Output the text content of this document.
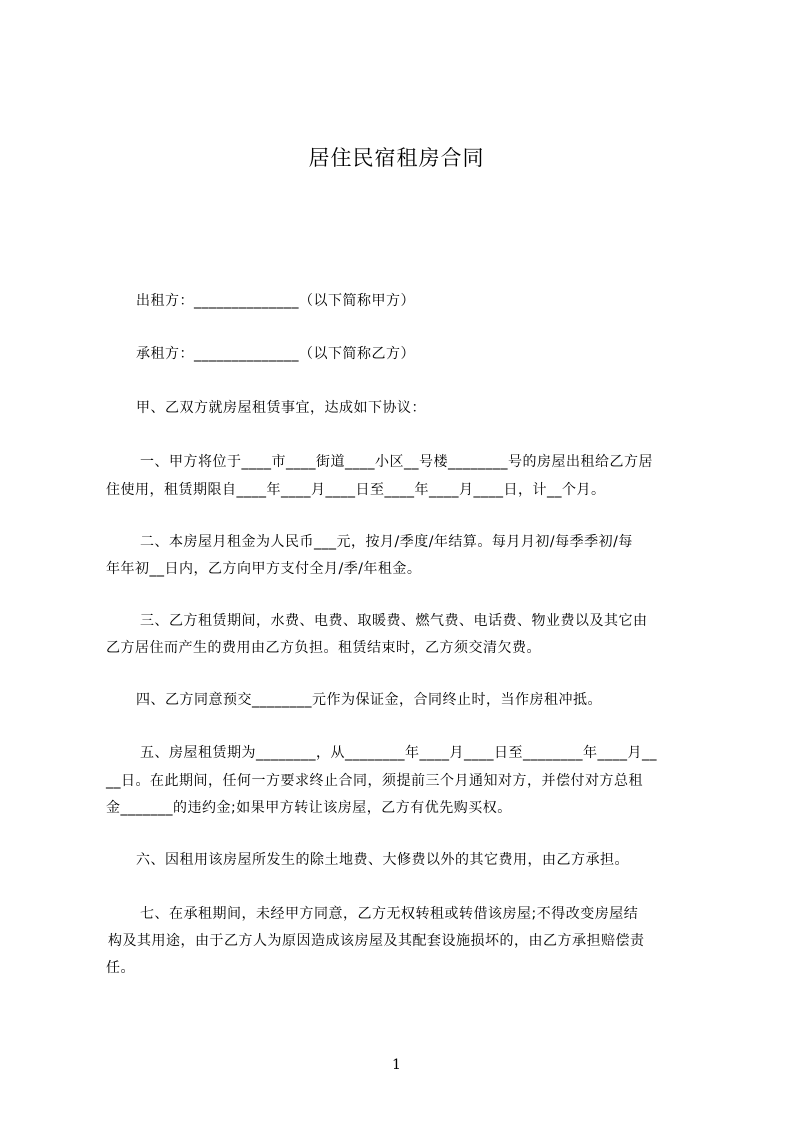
居住民宿租房合同
出租方：______________（以下简称甲方）
承租方：______________（以下简称乙方）
甲、乙双方就房屋租赁事宜，达成如下协议：
一、甲方将位于____市____街道____小区__号楼________号的房屋出租给乙方居
住使用，租赁期限自____年____月____日至____年____月____日，计__个月。
二、本房屋月租金为人民币___元，按月/季度/年结算。每月月初/每季季初/每
年年初__日内，乙方向甲方支付全月/季/年租金。
三、乙方租赁期间，水费、电费、取暖费、燃气费、电话费、物业费以及其它由
乙方居住而产生的费用由乙方负担。租赁结束时，乙方须交清欠费。
四、乙方同意预交________元作为保证金，合同终止时，当作房租冲抵。
五、房屋租赁期为________，从________年____月____日至________年____月__
__日。在此期间，任何一方要求终止合同，须提前三个月通知对方，并偿付对方总租
金_______的违约金;如果甲方转让该房屋，乙方有优先购买权。
六、因租用该房屋所发生的除土地费、大修费以外的其它费用，由乙方承担。
七、在承租期间，未经甲方同意，乙方无权转租或转借该房屋;不得改变房屋结
构及其用途，由于乙方人为原因造成该房屋及其配套设施损坏的，由乙方承担赔偿责
任。
1
